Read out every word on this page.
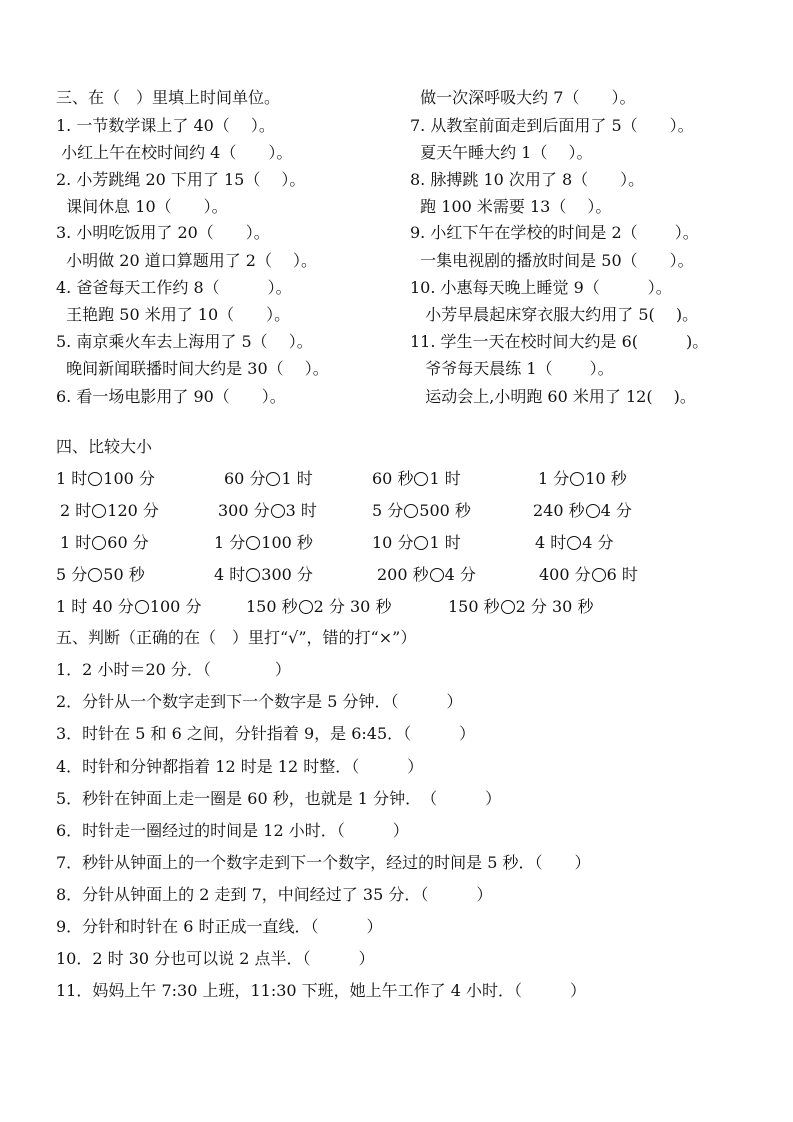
三、在（　）里填上时间单位。
1. 一节数学课上了 40（　 ）。
小红上午在校时间约 4（　　）。
2. 小芳跳绳 20 下用了 15（　 ）。
课间休息 10（　　）。
3. 小明吃饭用了 20（　　）。
小明做 20 道口算题用了 2（　 ）。
4. 爸爸每天工作约 8（　　　）。
王艳跑 50 米用了 10（　　）。
5. 南京乘火车去上海用了 5（　 ）。
晚间新闻联播时间大约是 30（　 ）。
6. 看一场电影用了 90（　　）。
做一次深呼吸大约 7（　　）。
7. 从教室前面走到后面用了 5（　　）。
夏天午睡大约 1（　 ）。
8. 脉搏跳 10 次用了 8（　　）。
跑 100 米需要 13（　 ）。
9. 小红下午在学校的时间是 2（　　 ）。
一集电视剧的播放时间是 50（　　）。
10. 小惠每天晚上睡觉 9（　　　）。
小芳早晨起床穿衣服大约用了 5(　 )。
11. 学生一天在校时间大约是 6(　　　)。
爷爷每天晨练 1（　　 ）。
运动会上,小明跑 60 米用了 12(　 )。
四、比较大小
1 时 100 分	60 分 1 时	60 秒 1 时	1 分 10 秒
2 时 120 分	300 分 3 时	5 分 500 秒	240 秒 4 分
1 时 60 分	1 分 100 秒	10 分 1 时	4 时 4 分
5 分 50 秒	4 时 300 分	200 秒 4 分	400 分 6 时
1 时 40 分 100 分	150 秒 2 分 30 秒	150 秒 2 分 30 秒
五、判断（正确的在（　）里打“√”，错的打“×”）
1．2 小时＝20 分．（　　　　）
2．分针从一个数字走到下一个数字是 5 分钟．（　　　）
3．时针在 5 和 6 之间，分针指着 9，是 6:45．（　　　）
4．时针和分钟都指着 12 时是 12 时整．（　　　）
5．秒针在钟面上走一圈是 60 秒，也就是 1 分钟．　（　　　）
6．时针走一圈经过的时间是 12 小时．（　　　）
7．秒针从钟面上的一个数字走到下一个数字，经过的时间是 5 秒．（　　）
8．分针从钟面上的 2 走到 7，中间经过了 35 分．（　　　）
9．分针和时针在 6 时正成一直线．（　　　）
10．2 时 30 分也可以说 2 点半．（　　　）
11．妈妈上午 7:30 上班，11:30 下班，她上午工作了 4 小时．（　　　）
